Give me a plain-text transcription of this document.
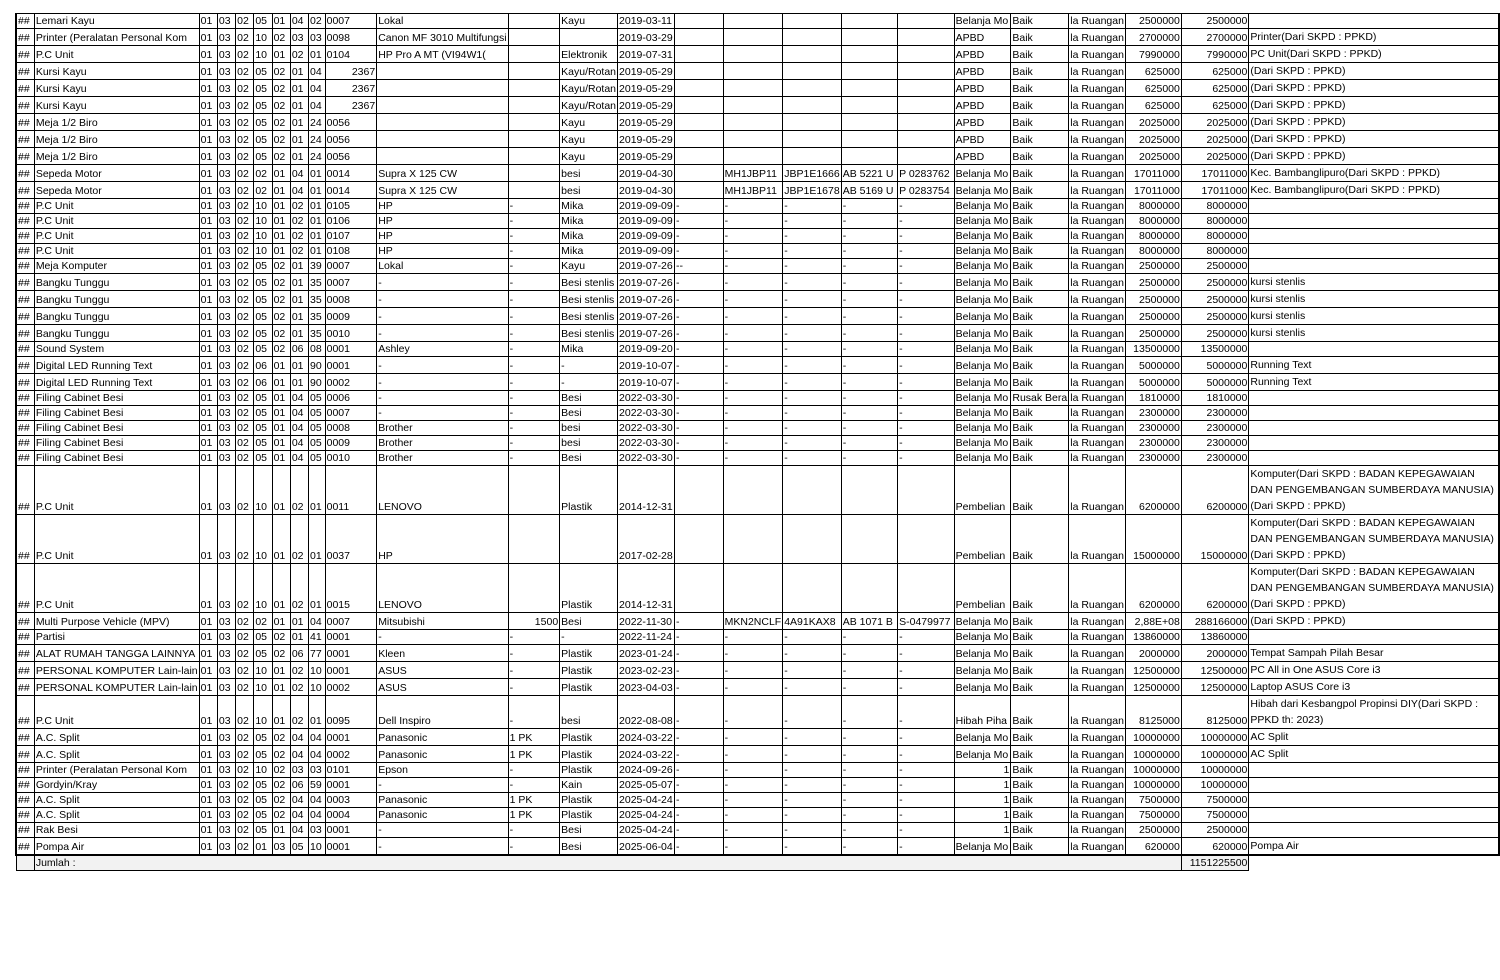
##	Lemari Kayu	01	03	02	05	01	04	02	0007	Lokal		Kayu	2019-03-11						Belanja Mo	Baik	la Ruangan	2500000	2500000	
##	Printer (Peralatan Personal Kom	01	03	02	10	02	03	03	0098	Canon MF 3010 Multifungsi			2019-03-29						APBD	Baik	la Ruangan	2700000	2700000	Printer(Dari SKPD : PPKD)
##	P.C Unit	01	03	02	10	01	02	01	0104	HP Pro A MT (VI94W1(		Elektronik	2019-07-31						APBD	Baik	la Ruangan	7990000	7990000	PC Unit(Dari SKPD : PPKD)
##	Kursi Kayu	01	03	02	05	02	01	04	2367			Kayu/Rotan	2019-05-29						APBD	Baik	la Ruangan	625000	625000	(Dari SKPD : PPKD)
##	Kursi Kayu	01	03	02	05	02	01	04	2367			Kayu/Rotan	2019-05-29						APBD	Baik	la Ruangan	625000	625000	(Dari SKPD : PPKD)
##	Kursi Kayu	01	03	02	05	02	01	04	2367			Kayu/Rotan	2019-05-29						APBD	Baik	la Ruangan	625000	625000	(Dari SKPD : PPKD)
##	Meja 1/2 Biro	01	03	02	05	02	01	24	0056			Kayu	2019-05-29						APBD	Baik	la Ruangan	2025000	2025000	(Dari SKPD : PPKD)
##	Meja 1/2 Biro	01	03	02	05	02	01	24	0056			Kayu	2019-05-29						APBD	Baik	la Ruangan	2025000	2025000	(Dari SKPD : PPKD)
##	Meja 1/2 Biro	01	03	02	05	02	01	24	0056			Kayu	2019-05-29						APBD	Baik	la Ruangan	2025000	2025000	(Dari SKPD : PPKD)
##	Sepeda Motor	01	03	02	02	01	04	01	0014	Supra X 125 CW		besi	2019-04-30		MH1JBP11	JBP1E1666	AB 5221 U	P 0283762	Belanja Mo	Baik	la Ruangan	17011000	17011000	Kec. Bambanglipuro(Dari SKPD : PPKD)
##	Sepeda Motor	01	03	02	02	01	04	01	0014	Supra X 125 CW		besi	2019-04-30		MH1JBP11	JBP1E1678	AB 5169 U	P 0283754	Belanja Mo	Baik	la Ruangan	17011000	17011000	Kec. Bambanglipuro(Dari SKPD : PPKD)
##	P.C Unit	01	03	02	10	01	02	01	0105	HP	-	Mika	2019-09-09	-	-	-	-	-	Belanja Mo	Baik	la Ruangan	8000000	8000000	
##	P.C Unit	01	03	02	10	01	02	01	0106	HP	-	Mika	2019-09-09	-	-	-	-	-	Belanja Mo	Baik	la Ruangan	8000000	8000000	
##	P.C Unit	01	03	02	10	01	02	01	0107	HP	-	Mika	2019-09-09	-	-	-	-	-	Belanja Mo	Baik	la Ruangan	8000000	8000000	
##	P.C Unit	01	03	02	10	01	02	01	0108	HP	-	Mika	2019-09-09	-	-	-	-	-	Belanja Mo	Baik	la Ruangan	8000000	8000000	
##	Meja Komputer	01	03	02	05	02	01	39	0007	Lokal	-	Kayu	2019-07-26	--	-	-	-	-	Belanja Mo	Baik	la Ruangan	2500000	2500000	
##	Bangku Tunggu	01	03	02	05	02	01	35	0007	-	-	Besi stenlis	2019-07-26	-	-	-	-	-	Belanja Mo	Baik	la Ruangan	2500000	2500000	kursi stenlis
##	Bangku Tunggu	01	03	02	05	02	01	35	0008	-	-	Besi stenlis	2019-07-26	-	-	-	-	-	Belanja Mo	Baik	la Ruangan	2500000	2500000	kursi stenlis
##	Bangku Tunggu	01	03	02	05	02	01	35	0009	-	-	Besi stenlis	2019-07-26	-	-	-	-	-	Belanja Mo	Baik	la Ruangan	2500000	2500000	kursi stenlis
##	Bangku Tunggu	01	03	02	05	02	01	35	0010	-	-	Besi stenlis	2019-07-26	-	-	-	-	-	Belanja Mo	Baik	la Ruangan	2500000	2500000	kursi stenlis
##	Sound System	01	03	02	05	02	06	08	0001	Ashley	-	Mika	2019-09-20	-	-	-	-	-	Belanja Mo	Baik	la Ruangan	13500000	13500000	
##	Digital LED Running Text	01	03	02	06	01	01	90	0001	-	-	-	2019-10-07	-	-	-	-	-	Belanja Mo	Baik	la Ruangan	5000000	5000000	Running Text
##	Digital LED Running Text	01	03	02	06	01	01	90	0002	-	-	-	2019-10-07	-	-	-	-	-	Belanja Mo	Baik	la Ruangan	5000000	5000000	Running Text
##	Filing Cabinet Besi	01	03	02	05	01	04	05	0006	-	-	Besi	2022-03-30	-	-	-	-	-	Belanja Mo	Rusak Bera	la Ruangan	1810000	1810000	
##	Filing Cabinet Besi	01	03	02	05	01	04	05	0007	-	-	Besi	2022-03-30	-	-	-	-	-	Belanja Mo	Baik	la Ruangan	2300000	2300000	
##	Filing Cabinet Besi	01	03	02	05	01	04	05	0008	Brother	-	besi	2022-03-30	-	-	-	-	-	Belanja Mo	Baik	la Ruangan	2300000	2300000	
##	Filing Cabinet Besi	01	03	02	05	01	04	05	0009	Brother	-	besi	2022-03-30	-	-	-	-	-	Belanja Mo	Baik	la Ruangan	2300000	2300000	
##	Filing Cabinet Besi	01	03	02	05	01	04	05	0010	Brother	-	Besi	2022-03-30	-	-	-	-	-	Belanja Mo	Baik	la Ruangan	2300000	2300000	
##	P.C Unit	01	03	02	10	01	02	01	0011	LENOVO		Plastik	2014-12-31						Pembelian	Baik	la Ruangan	6200000	6200000	Komputer(Dari SKPD : BADAN KEPEGAWAIAN DAN PENGEMBANGAN SUMBERDAYA MANUSIA)(Dari SKPD : PPKD)
##	P.C Unit	01	03	02	10	01	02	01	0037	HP			2017-02-28						Pembelian	Baik	la Ruangan	15000000	15000000	Komputer(Dari SKPD : BADAN KEPEGAWAIAN DAN PENGEMBANGAN SUMBERDAYA MANUSIA)(Dari SKPD : PPKD)
##	P.C Unit	01	03	02	10	01	02	01	0015	LENOVO		Plastik	2014-12-31						Pembelian	Baik	la Ruangan	6200000	6200000	Komputer(Dari SKPD : BADAN KEPEGAWAIAN DAN PENGEMBANGAN SUMBERDAYA MANUSIA)(Dari SKPD : PPKD)
##	Multi Purpose Vehicle (MPV)	01	03	02	02	01	01	04	0007	Mitsubishi	1500	Besi	2022-11-30	-	MKN2NCLF	4A91KAX8	AB 1071 B	S-0479977	Belanja Mo	Baik	la Ruangan	2,88E+08	288166000	(Dari SKPD : PPKD)
##	Partisi	01	03	02	05	02	01	41	0001	-	-	-	2022-11-24	-	-	-	-	-	Belanja Mo	Baik	la Ruangan	13860000	13860000	
##	ALAT RUMAH TANGGA LAINNYA	01	03	02	05	02	06	77	0001	Kleen	-	Plastik	2023-01-24	-	-	-	-	-	Belanja Mo	Baik	la Ruangan	2000000	2000000	Tempat Sampah Pilah Besar
##	PERSONAL KOMPUTER Lain-lain	01	03	02	10	01	02	10	0001	ASUS	-	Plastik	2023-02-23	-	-	-	-	-	Belanja Mo	Baik	la Ruangan	12500000	12500000	PC All in One ASUS Core i3
##	PERSONAL KOMPUTER Lain-lain	01	03	02	10	01	02	10	0002	ASUS	-	Plastik	2023-04-03	-	-	-	-	-	Belanja Mo	Baik	la Ruangan	12500000	12500000	Laptop ASUS Core i3
##	P.C Unit	01	03	02	10	01	02	01	0095	Dell Inspiro	-	besi	2022-08-08	-	-	-	-	-	Hibah Piha	Baik	la Ruangan	8125000	8125000	Hibah dari Kesbangpol Propinsi DIY(Dari SKPD : PPKD th: 2023)
##	A.C. Split	01	03	02	05	02	04	04	0001	Panasonic	1 PK	Plastik	2024-03-22	-	-	-	-	-	Belanja Mo	Baik	la Ruangan	10000000	10000000	AC Split
##	A.C. Split	01	03	02	05	02	04	04	0002	Panasonic	1 PK	Plastik	2024-03-22	-	-	-	-	-	Belanja Mo	Baik	la Ruangan	10000000	10000000	AC Split
##	Printer (Peralatan Personal Kom	01	03	02	10	02	03	03	0101	Epson	-	Plastik	2024-09-26	-	-	-	-	-	1	Baik	la Ruangan	10000000	10000000	
##	Gordyin/Kray	01	03	02	05	02	06	59	0001	-	-	Kain	2025-05-07	-	-	-	-	-	1	Baik	la Ruangan	10000000	10000000	
##	A.C. Split	01	03	02	05	02	04	04	0003	Panasonic	1 PK	Plastik	2025-04-24	-	-	-	-	-	1	Baik	la Ruangan	7500000	7500000	
##	A.C. Split	01	03	02	05	02	04	04	0004	Panasonic	1 PK	Plastik	2025-04-24	-	-	-	-	-	1	Baik	la Ruangan	7500000	7500000	
##	Rak Besi	01	03	02	05	01	04	03	0001	-	-	Besi	2025-04-24	-	-	-	-	-	1	Baik	la Ruangan	2500000	2500000	
##	Pompa Air	01	03	02	01	03	05	10	0001	-	-	Besi	2025-06-04	-	-	-	-	-	Belanja Mo	Baik	la Ruangan	620000	620000	Pompa Air
	Jumlah :																						1151225500	
